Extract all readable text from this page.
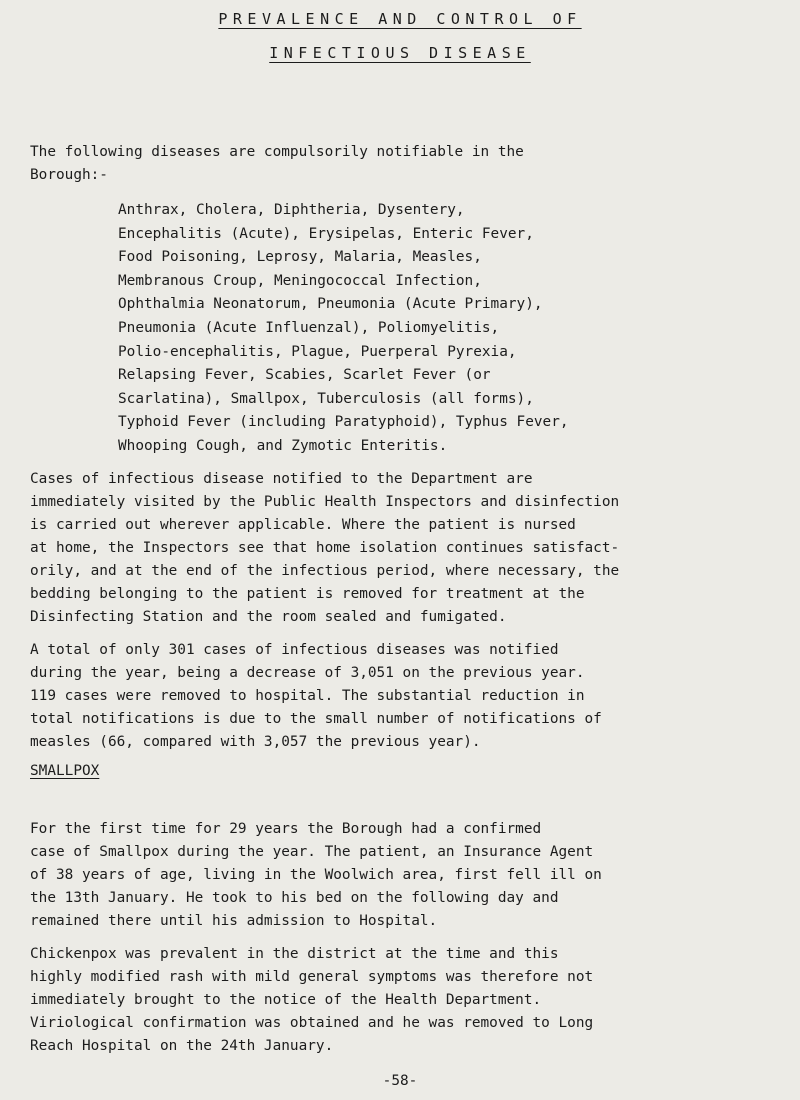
PREVALENCE AND CONTROL OF
INFECTIOUS DISEASE

The following diseases are compulsorily notifiable in the
Borough:-

Anthrax, Cholera, Diphtheria, Dysentery,
Encephalitis (Acute), Erysipelas, Enteric Fever,
Food Poisoning, Leprosy, Malaria, Measles,
Membranous Croup, Meningococcal Infection,
Ophthalmia Neonatorum, Pneumonia (Acute Primary),
Pneumonia (Acute Influenzal), Poliomyelitis,
Polio-encephalitis, Plague, Puerperal Pyrexia,
Relapsing Fever, Scabies, Scarlet Fever (or
Scarlatina), Smallpox, Tuberculosis (all forms),
Typhoid Fever (including Paratyphoid), Typhus Fever,
Whooping Cough, and Zymotic Enteritis.

Cases of infectious disease notified to the Department are
immediately visited by the Public Health Inspectors and disinfection
is carried out wherever applicable. Where the patient is nursed
at home, the Inspectors see that home isolation continues satisfact-
orily, and at the end of the infectious period, where necessary, the
bedding belonging to the patient is removed for treatment at the
Disinfecting Station and the room sealed and fumigated.

A total of only 301 cases of infectious diseases was notified
during the year, being a decrease of 3,051 on the previous year.
119 cases were removed to hospital. The substantial reduction in
total notifications is due to the small number of notifications of
measles (66, compared with 3,057 the previous year).

SMALLPOX

For the first time for 29 years the Borough had a confirmed
case of Smallpox during the year. The patient, an Insurance Agent
of 38 years of age, living in the Woolwich area, first fell ill on
the 13th January. He took to his bed on the following day and
remained there until his admission to Hospital.

Chickenpox was prevalent in the district at the time and this
highly modified rash with mild general symptoms was therefore not
immediately brought to the notice of the Health Department.
Viriological confirmation was obtained and he was removed to Long
Reach Hospital on the 24th January.

-58-
